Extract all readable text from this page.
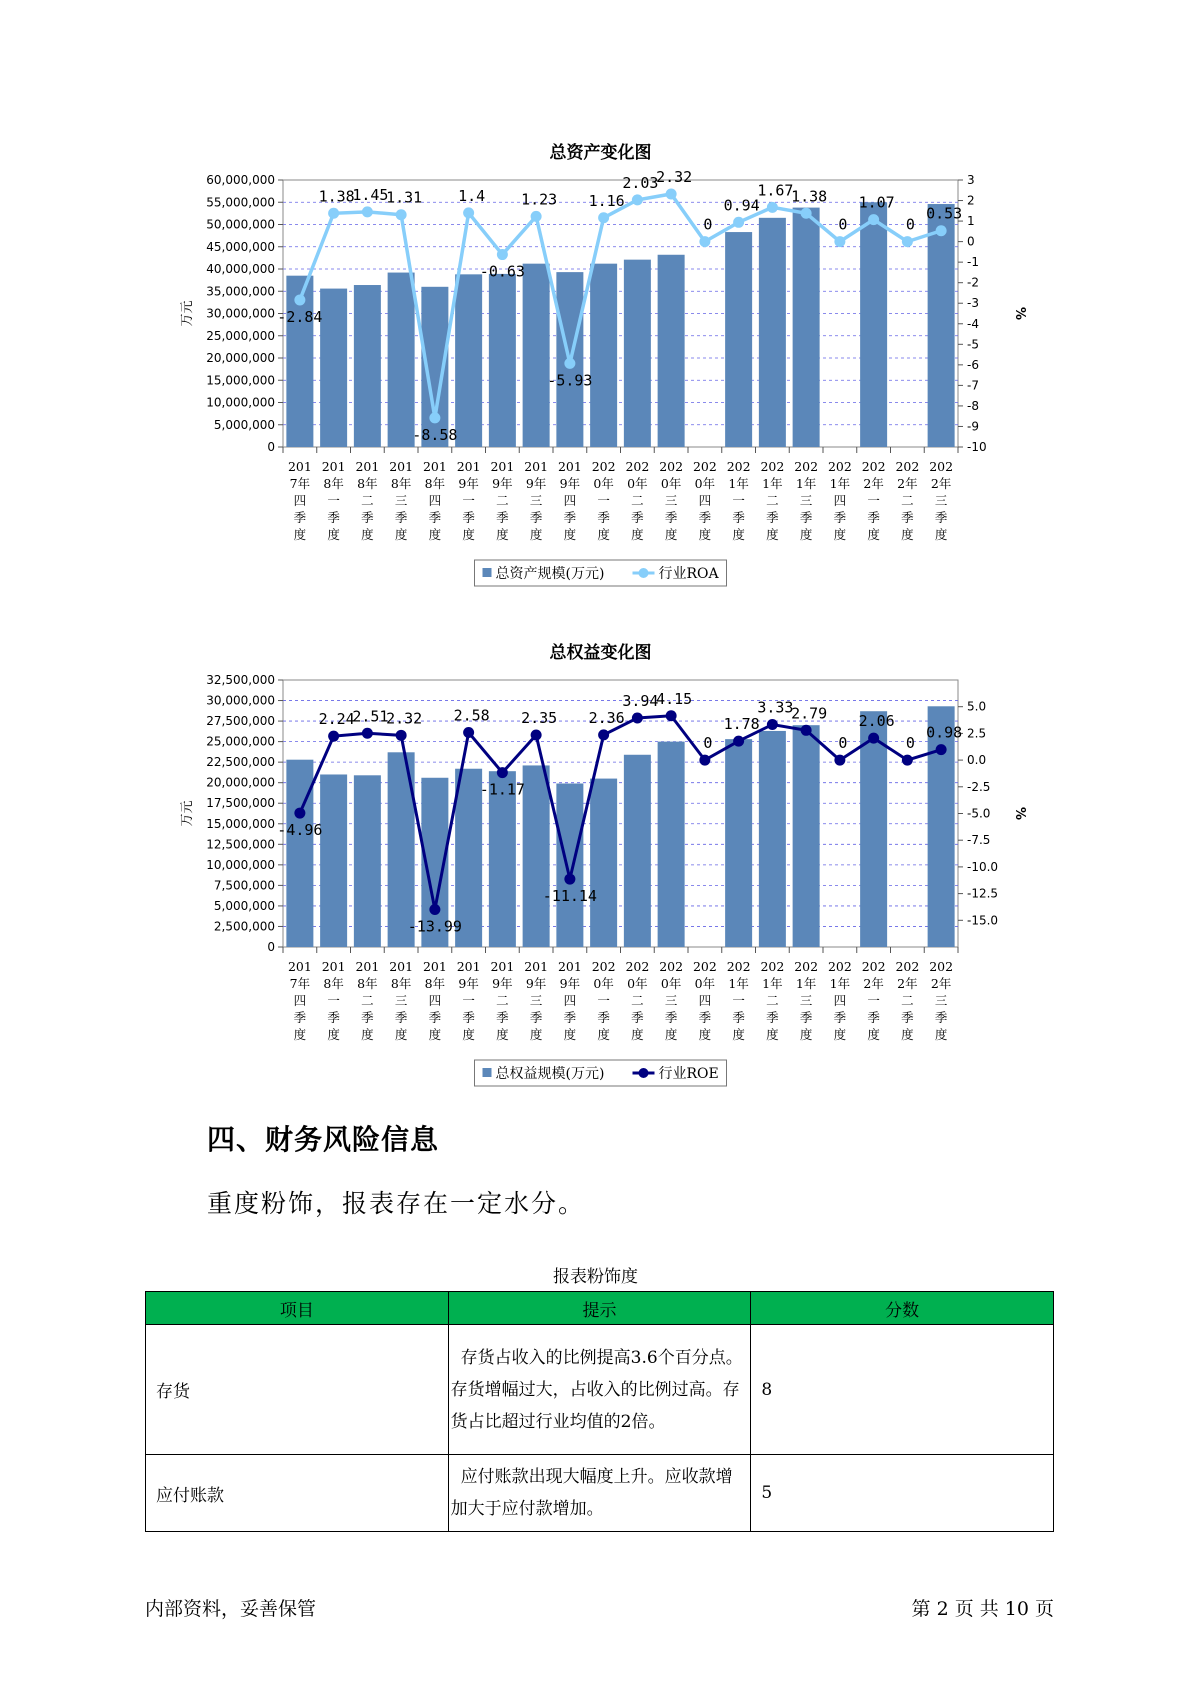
总资产变化图
0
5,000,000
10,000,000
15,000,000
20,000,000
25,000,000
30,000,000
35,000,000
40,000,000
45,000,000
50,000,000
55,000,000
60,000,000
-10
-9
-8
-7
-6
-5
-4
-3
-2
-1
0
1
2
3
万元	%
201
7年
四
季
度
201
8年
一
季
度
201
8年
二
季
度
201
8年
三
季
度
201
8年
四
季
度
201
9年
一
季
度
201
9年
二
季
度
201
9年
三
季
度
201
9年
四
季
度
202
0年
一
季
度
202
0年
二
季
度
202
0年
三
季
度
202
0年
四
季
度
202
1年
一
季
度
202
1年
二
季
度
202
1年
三
季
度
202
1年
四
季
度
202
2年
一
季
度
202
2年
二
季
度
202
2年
三
季
度
-2.84
1.38
1.45
1.31
-8.58
1.4
-0.63
1.23
-5.93
1.16
2.03
2.32
0
0.94
1.67
1.38
0
1.07
0
0.53
总资产规模(万元)	行业ROA
总权益变化图
0
2,500,000
5,000,000
7,500,000
10,000,000
12,500,000
15,000,000
17,500,000
20,000,000
22,500,000
25,000,000
27,500,000
30,000,000
32,500,000
-15.0
-12.5
-10.0
-7.5
-5.0
-2.5
0.0
2.5
5.0
万元	%
201
7年
四
季
度
201
8年
一
季
度
201
8年
二
季
度
201
8年
三
季
度
201
8年
四
季
度
201
9年
一
季
度
201
9年
二
季
度
201
9年
三
季
度
201
9年
四
季
度
202
0年
一
季
度
202
0年
二
季
度
202
0年
三
季
度
202
0年
四
季
度
202
1年
一
季
度
202
1年
二
季
度
202
1年
三
季
度
202
1年
四
季
度
202
2年
一
季
度
202
2年
二
季
度
202
2年
三
季
度
-4.96
2.24
2.51
2.32
-13.99
2.58
-1.17
2.35
-11.14
2.36
3.94
4.15
0
1.78
3.33
2.79
0
2.06
0
0.98
总权益规模(万元)	行业ROE
四、财务风险信息

重度粉饰，报表存在一定水分。

报表粉饰度
项目	提示	分数
存货	存货占收入的比例提高3.6个百分点。存货增幅过大，占收入的比例过高。存货占比超过行业均值的2倍。	8
应付账款	应付账款出现大幅度上升。应收款增加大于应付款增加。	5
内部资料，妥善保管	第 2 页 共 10 页
